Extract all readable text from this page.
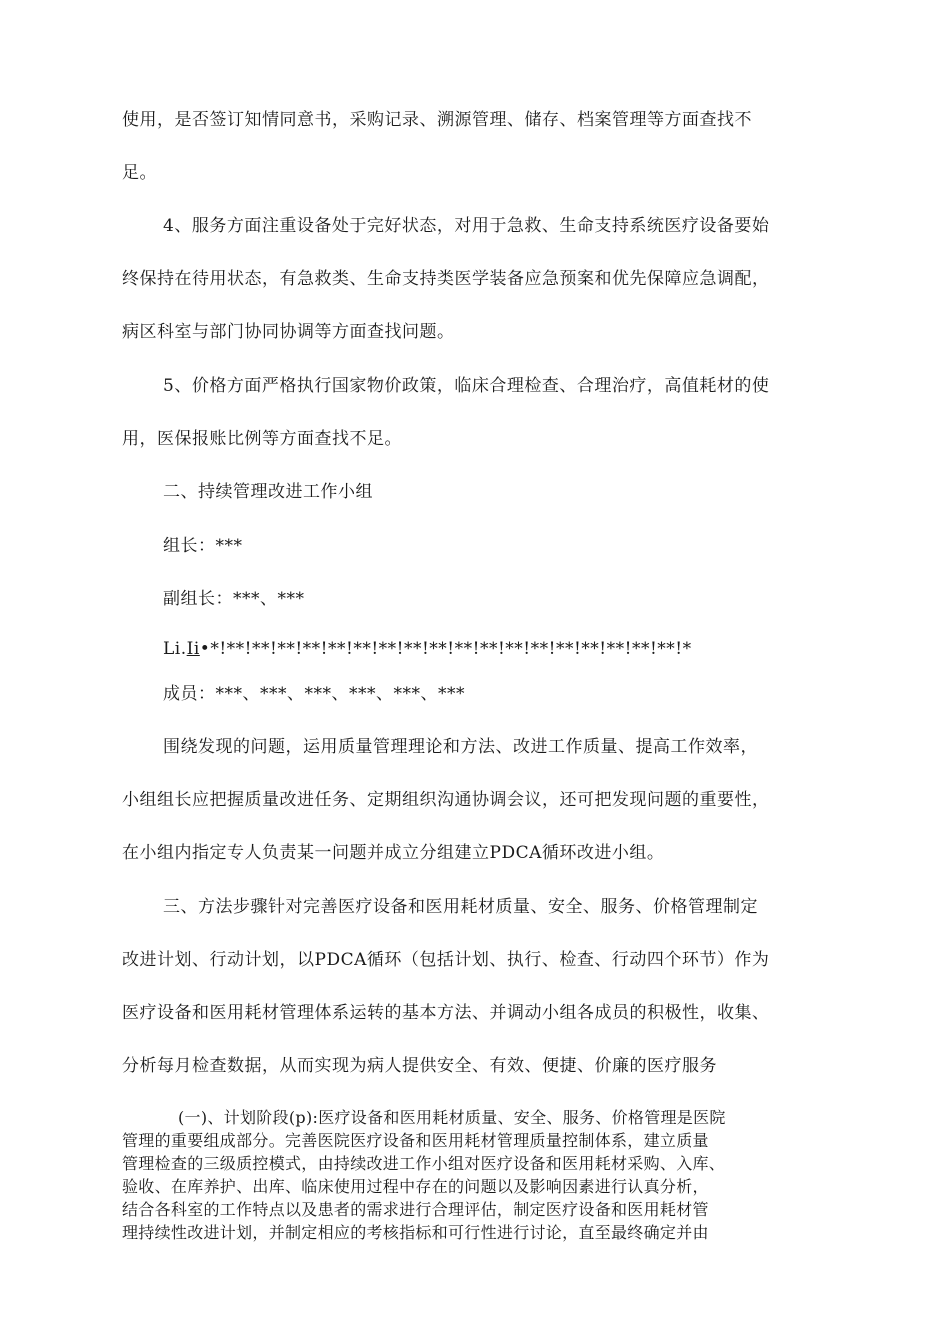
使用，是否签订知情同意书，采购记录、溯源管理、储存、档案管理等方面查找不
足。
4、服务方面注重设备处于完好状态，对用于急救、生命支持系统医疗设备要始
终保持在待用状态，有急救类、生命支持类医学装备应急预案和优先保障应急调配，
病区科室与部门协同协调等方面查找问题。
5、价格方面严格执行国家物价政策，临床合理检查、合理治疗，高值耗材的使
用，医保报账比例等方面查找不足。
二、持续管理改进工作小组
组长：***
副组长：***、***
Li.Ii•*!**!**!**!**!**!**!**!**!**!**!**!**!**!**!**!**!**!**!*
成员：***、***、***、***、***、***
围绕发现的问题，运用质量管理理论和方法、改进工作质量、提高工作效率，
小组组长应把握质量改进任务、定期组织沟通协调会议，还可把发现问题的重要性，
在小组内指定专人负责某一问题并成立分组建立PDCA循环改进小组。
三、方法步骤针对完善医疗设备和医用耗材质量、安全、服务、价格管理制定
改进计划、行动计划，以PDCA循环（包括计划、执行、检查、行动四个环节）作为
医疗设备和医用耗材管理体系运转的基本方法、并调动小组各成员的积极性，收集、
分析每月检查数据，从而实现为病人提供安全、有效、便捷、价廉的医疗服务
(一)、计划阶段(p):医疗设备和医用耗材质量、安全、服务、价格管理是医院
管理的重要组成部分。完善医院医疗设备和医用耗材管理质量控制体系，建立质量
管理检查的三级质控模式，由持续改进工作小组对医疗设备和医用耗材采购、入库、
验收、在库养护、出库、临床使用过程中存在的问题以及影响因素进行认真分析，
结合各科室的工作特点以及患者的需求进行合理评估，制定医疗设备和医用耗材管
理持续性改进计划，并制定相应的考核指标和可行性进行讨论，直至最终确定并由
